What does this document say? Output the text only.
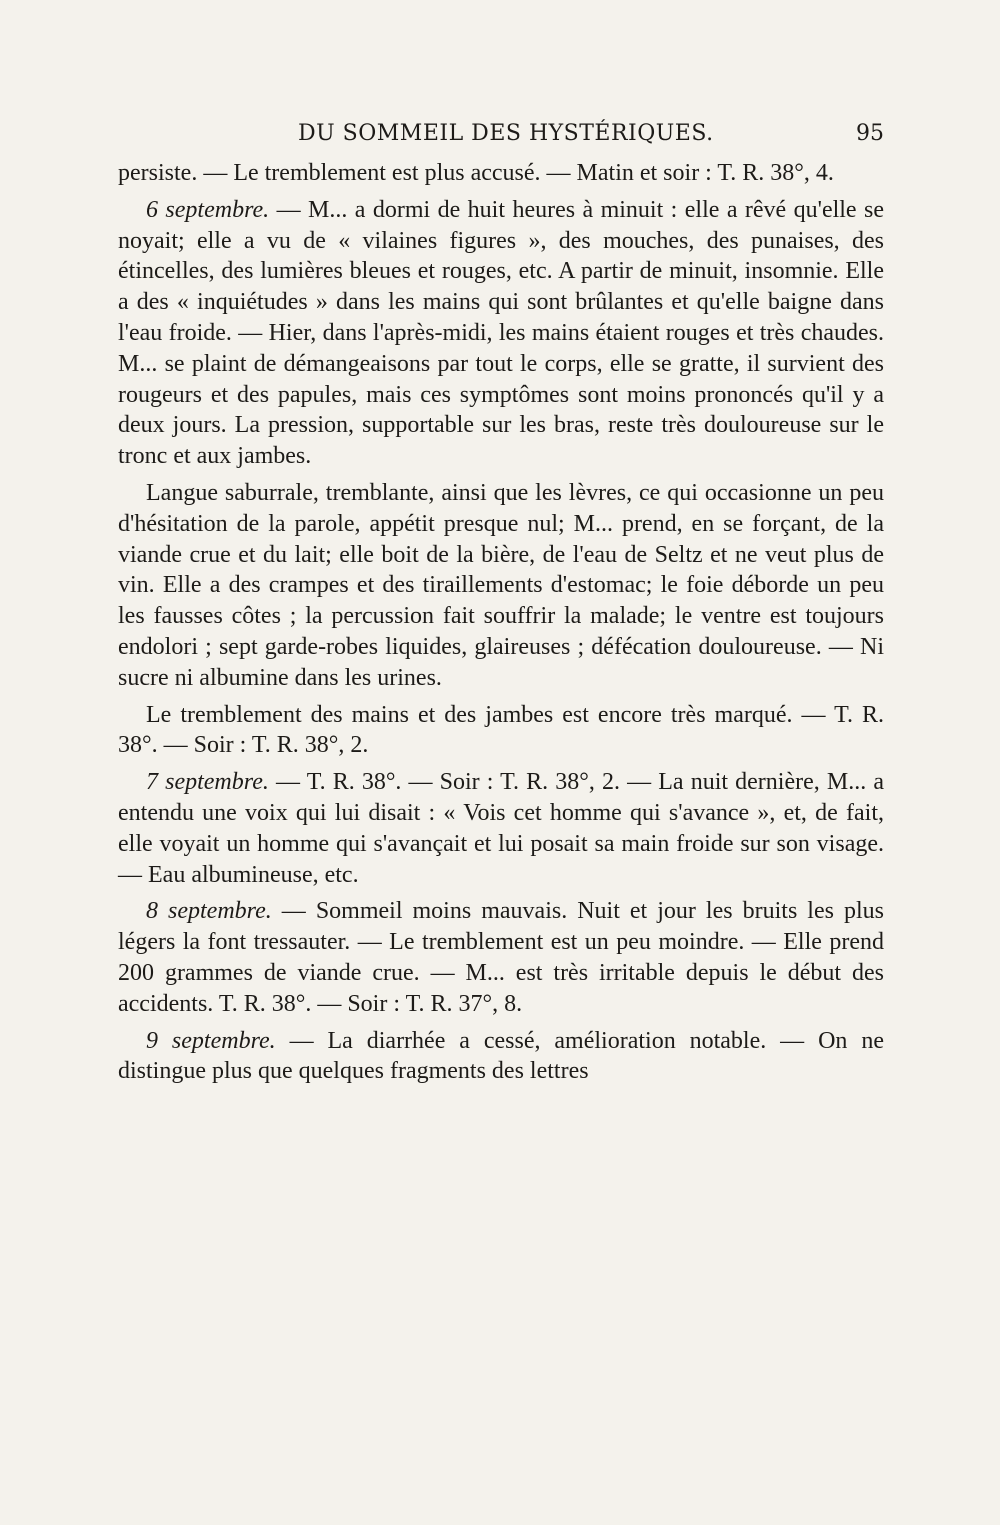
DU SOMMEIL DES HYSTÉRIQUES.	95

persiste. — Le tremblement est plus accusé. — Matin et soir : T. R. 38°, 4.

6 septembre. — M... a dormi de huit heures à minuit : elle a rêvé qu'elle se noyait; elle a vu de « vilaines figures », des mouches, des punaises, des étincelles, des lumières bleues et rouges, etc. A partir de minuit, insomnie. Elle a des « inquiétudes » dans les mains qui sont brûlantes et qu'elle baigne dans l'eau froide. — Hier, dans l'après-midi, les mains étaient rouges et très chaudes. M... se plaint de démangeaisons par tout le corps, elle se gratte, il survient des rougeurs et des papules, mais ces symptômes sont moins prononcés qu'il y a deux jours. La pression, supportable sur les bras, reste très douloureuse sur le tronc et aux jambes.

Langue saburrale, tremblante, ainsi que les lèvres, ce qui occasionne un peu d'hésitation de la parole, appétit presque nul; M... prend, en se forçant, de la viande crue et du lait; elle boit de la bière, de l'eau de Seltz et ne veut plus de vin. Elle a des crampes et des tiraillements d'estomac; le foie déborde un peu les fausses côtes ; la percussion fait souffrir la malade; le ventre est toujours endolori ; sept garde-robes liquides, glaireuses ; défécation douloureuse. — Ni sucre ni albumine dans les urines.

Le tremblement des mains et des jambes est encore très marqué. — T. R. 38°. — Soir : T. R. 38°, 2.

7 septembre. — T. R. 38°. — Soir : T. R. 38°, 2. — La nuit dernière, M... a entendu une voix qui lui disait : « Vois cet homme qui s'avance », et, de fait, elle voyait un homme qui s'avançait et lui posait sa main froide sur son visage. — Eau albumineuse, etc.

8 septembre. — Sommeil moins mauvais. Nuit et jour les bruits les plus légers la font tressauter. — Le tremblement est un peu moindre. — Elle prend 200 grammes de viande crue. — M... est très irritable depuis le début des accidents. T. R. 38°. — Soir : T. R. 37°, 8.

9 septembre. — La diarrhée a cessé, amélioration notable. — On ne distingue plus que quelques fragments des lettres
